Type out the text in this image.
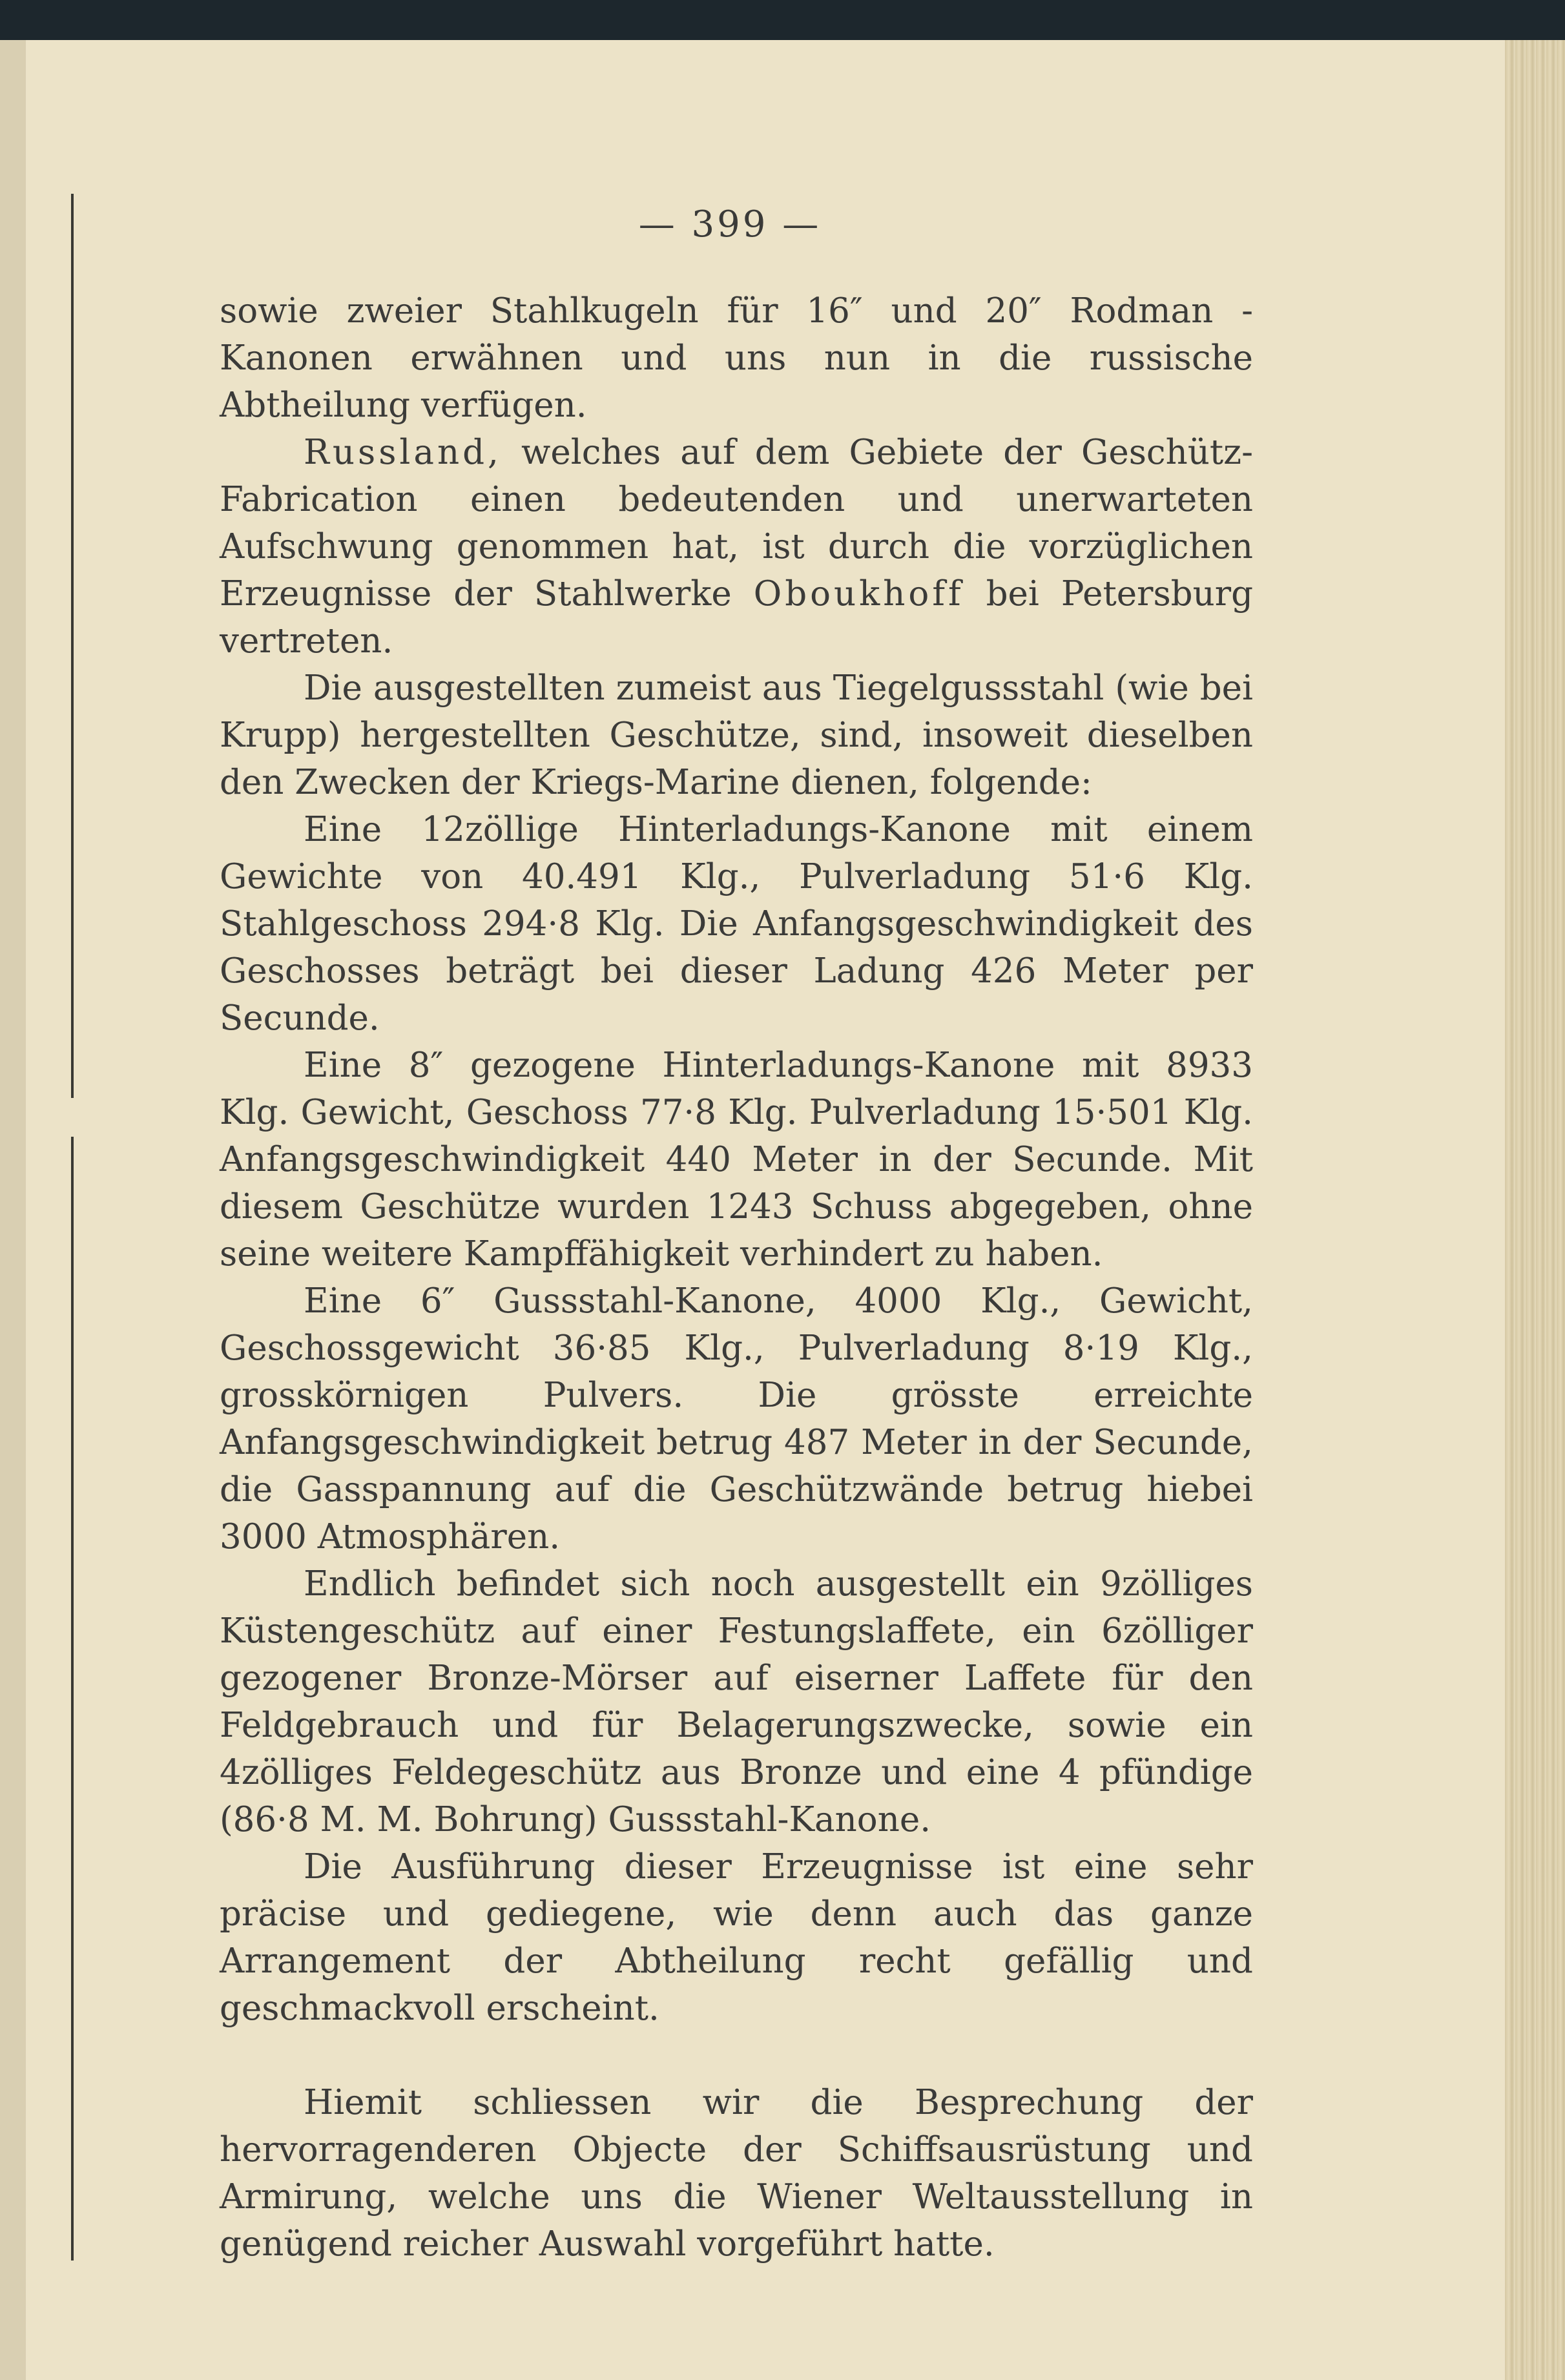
— 399 —

sowie zweier Stahlkugeln für 16″ und 20″ Rodman - Kanonen erwähnen und uns nun in die russische Abtheilung verfügen.

Russland, welches auf dem Gebiete der Geschütz-Fabrication einen bedeutenden und unerwarteten Aufschwung genommen hat, ist durch die vorzüglichen Erzeugnisse der Stahlwerke Oboukhoff bei Petersburg vertreten.

Die ausgestellten zumeist aus Tiegelgussstahl (wie bei Krupp) hergestellten Geschütze, sind, insoweit dieselben den Zwecken der Kriegs-Marine dienen, folgende:

Eine 12zöllige Hinterladungs-Kanone mit einem Gewichte von 40.491 Klg., Pulverladung 51·6 Klg. Stahlgeschoss 294·8 Klg. Die Anfangsgeschwindigkeit des Geschosses beträgt bei dieser Ladung 426 Meter per Secunde.

Eine 8″ gezogene Hinterladungs-Kanone mit 8933 Klg. Gewicht, Geschoss 77·8 Klg. Pulverladung 15·501 Klg. Anfangsgeschwindigkeit 440 Meter in der Secunde. Mit diesem Geschütze wurden 1243 Schuss abgegeben, ohne seine weitere Kampffähigkeit verhindert zu haben.

Eine 6″ Gussstahl-Kanone, 4000 Klg., Gewicht, Geschossgewicht 36·85 Klg., Pulverladung 8·19 Klg., grosskörnigen Pulvers. Die grösste erreichte Anfangsgeschwindigkeit betrug 487 Meter in der Secunde, die Gasspannung auf die Geschützwände betrug hiebei 3000 Atmosphären.

Endlich befindet sich noch ausgestellt ein 9zölliges Küstengeschütz auf einer Festungslaffete, ein 6zölliger gezogener Bronze-Mörser auf eiserner Laffete für den Feldgebrauch und für Belagerungszwecke, sowie ein 4zölliges Feldegeschütz aus Bronze und eine 4 pfündige (86·8 M. M. Bohrung) Gussstahl-Kanone.

Die Ausführung dieser Erzeugnisse ist eine sehr präcise und gediegene, wie denn auch das ganze Arrangement der Abtheilung recht gefällig und geschmackvoll erscheint.

Hiemit schliessen wir die Besprechung der hervorragenderen Objecte der Schiffsausrüstung und Armirung, welche uns die Wiener Weltausstellung in genügend reicher Auswahl vorgeführt hatte.
